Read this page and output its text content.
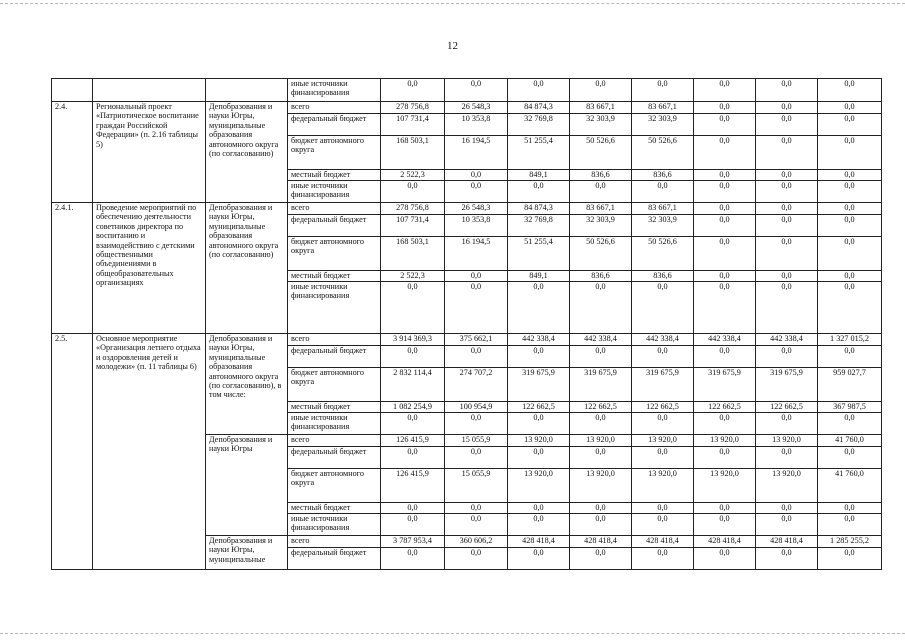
12
			иные источники финансирования	0,0	0,0	0,0	0,0	0,0	0,0	0,0	0,0
2.4.	Региональный проект «Патриотическое воспитание граждан Российской Федерации» (п. 2.16 таблицы 5)	Депобразования и науки Югры, муниципальные образования автономного округа (по согласованию)	всего	278 756,8	26 548,3	84 874,3	83 667,1	83 667,1	0,0	0,0	0,0
			федеральный бюджет	107 731,4	10 353,8	32 769,8	32 303,9	32 303,9	0,0	0,0	0,0
			бюджет автономного округа	168 503,1	16 194,5	51 255,4	50 526,6	50 526,6	0,0	0,0	0,0
			местный бюджет	2 522,3	0,0	849,1	836,6	836,6	0,0	0,0	0,0
			иные источники финансирования	0,0	0,0	0,0	0,0	0,0	0,0	0,0	0,0
2.4.1.	Проведение мероприятий по обеспечению деятельности советников директора по воспитанию и взаимодействию с детскими общественными объединениями в общеобразовательных организациях	Депобразования и науки Югры, муниципальные образования автономного округа (по согласованию)	всего	278 756,8	26 548,3	84 874,3	83 667,1	83 667,1	0,0	0,0	0,0
			федеральный бюджет	107 731,4	10 353,8	32 769,8	32 303,9	32 303,9	0,0	0,0	0,0
			бюджет автономного округа	168 503,1	16 194,5	51 255,4	50 526,6	50 526,6	0,0	0,0	0,0
			местный бюджет	2 522,3	0,0	849,1	836,6	836,6	0,0	0,0	0,0
			иные источники финансирования	0,0	0,0	0,0	0,0	0,0	0,0	0,0	0,0
2.5.	Основное мероприятие «Организация летнего отдыха и оздоровления детей и молодежи» (п. 11 таблицы 6)	Депобразования и науки Югры, муниципальные образования автономного округа (по согласованию), в том числе:	всего	3 914 369,3	375 662,1	442 338,4	442 338,4	442 338,4	442 338,4	442 338,4	1 327 015,2
			федеральный бюджет	0,0	0,0	0,0	0,0	0,0	0,0	0,0	0,0
			бюджет автономного округа	2 832 114,4	274 707,2	319 675,9	319 675,9	319 675,9	319 675,9	319 675,9	959 027,7
			местный бюджет	1 082 254,9	100 954,9	122 662,5	122 662,5	122 662,5	122 662,5	122 662,5	367 987,5
			иные источники финансирования	0,0	0,0	0,0	0,0	0,0	0,0	0,0	0,0
		Депобразования и науки Югры	всего	126 415,9	15 055,9	13 920,0	13 920,0	13 920,0	13 920,0	13 920,0	41 760,0
			федеральный бюджет	0,0	0,0	0,0	0,0	0,0	0,0	0,0	0,0
			бюджет автономного округа	126 415,9	15 055,9	13 920,0	13 920,0	13 920,0	13 920,0	13 920,0	41 760,0
			местный бюджет	0,0	0,0	0,0	0,0	0,0	0,0	0,0	0,0
			иные источники финансирования	0,0	0,0	0,0	0,0	0,0	0,0	0,0	0,0
		Депобразования и науки Югры, муниципальные	всего	3 787 953,4	360 606,2	428 418,4	428 418,4	428 418,4	428 418,4	428 418,4	1 285 255,2
			федеральный бюджет	0,0	0,0	0,0	0,0	0,0	0,0	0,0	0,0
